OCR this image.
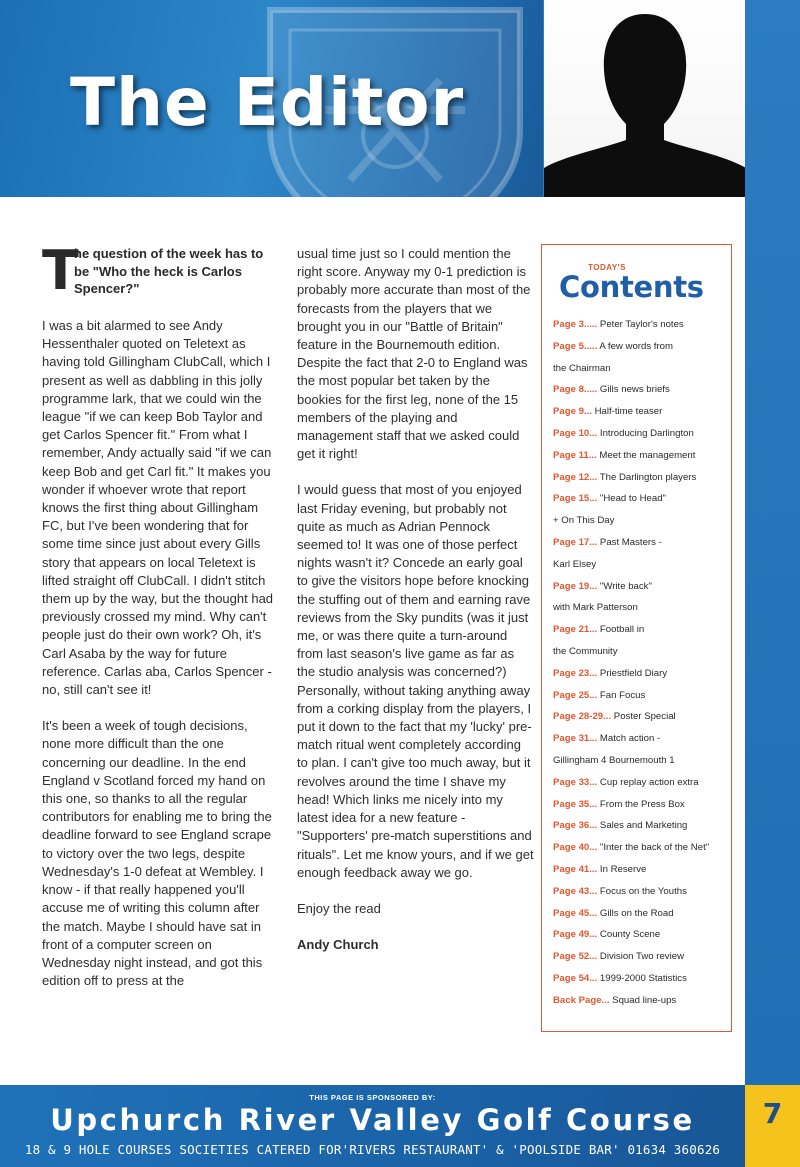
The Editor
T
he question of the week has to be "Who the heck is Carlos Spencer?"

I was a bit alarmed to see Andy Hessenthaler quoted on Teletext as having told Gillingham ClubCall, which I present as well as dabbling in this jolly programme lark, that we could win the league "if we can keep Bob Taylor and get Carlos Spencer fit." From what I remember, Andy actually said "if we can keep Bob and get Carl fit." It makes you wonder if whoever wrote that report knows the first thing about Gillingham FC, but I've been wondering that for some time since just about every Gills story that appears on local Teletext is lifted straight off ClubCall. I didn't stitch them up by the way, but the thought had previously crossed my mind. Why can't people just do their own work? Oh, it's Carl Asaba by the way for future reference. Carlas aba, Carlos Spencer - no, still can't see it!

It's been a week of tough decisions, none more difficult than the one concerning our deadline. In the end England v Scotland forced my hand on this one, so thanks to all the regular contributors for enabling me to bring the deadline forward to see England scrape to victory over the two legs, despite Wednesday's 1-0 defeat at Wembley. I know - if that really happened you'll accuse me of writing this column after the match. Maybe I should have sat in front of a computer screen on Wednesday night instead, and got this edition off to press at the

usual time just so I could mention the right score. Anyway my 0-1 prediction is probably more accurate than most of the forecasts from the players that we brought you in our "Battle of Britain" feature in the Bournemouth edition. Despite the fact that 2-0 to England was the most popular bet taken by the bookies for the first leg, none of the 15 members of the playing and management staff that we asked could get it right!

I would guess that most of you enjoyed last Friday evening, but probably not quite as much as Adrian Pennock seemed to! It was one of those perfect nights wasn't it? Concede an early goal to give the visitors hope before knocking the stuffing out of them and earning rave reviews from the Sky pundits (was it just me, or was there quite a turn-around from last season's live game as far as the studio analysis was concerned?) Personally, without taking anything away from a corking display from the players, I put it down to the fact that my 'lucky' pre-match ritual went completely according to plan. I can't give too much away, but it revolves around the time I shave my head! Which links me nicely into my latest idea for a new feature - "Supporters' pre-match superstitions and rituals". Let me know yours, and if we get enough feedback away we go.

Enjoy the read

Andy Church

TODAY'S
Contents
Page 3..... Peter Taylor's notes
Page 5..... A few words from
the Chairman
Page 8..... Gills news briefs
Page 9... Half-time teaser
Page 10... Introducing Darlington
Page 11... Meet the management
Page 12... The Darlington players
Page 15... "Head to Head"
+ On This Day
Page 17... Past Masters -
Karl Elsey
Page 19... "Write back"
with Mark Patterson
Page 21... Football in
the Community
Page 23... Priestfield Diary
Page 25... Fan Focus
Page 28-29... Poster Special
Page 31... Match action -
Gillingham 4 Bournemouth 1
Page 33... Cup replay action extra
Page 35... From the Press Box
Page 36... Sales and Marketing
Page 40... "Inter the back of the Net"
Page 41... In Reserve
Page 43... Focus on the Youths
Page 45... Gills on the Road
Page 49... County Scene
Page 52... Division Two review
Page 54... 1999-2000 Statistics
Back Page... Squad line-ups
THIS PAGE IS SPONSORED BY:
Upchurch River Valley Golf Course
18 & 9 HOLE COURSES SOCIETIES CATERED FOR'RIVERS RESTAURANT' & 'POOLSIDE BAR' 01634 360626
7
